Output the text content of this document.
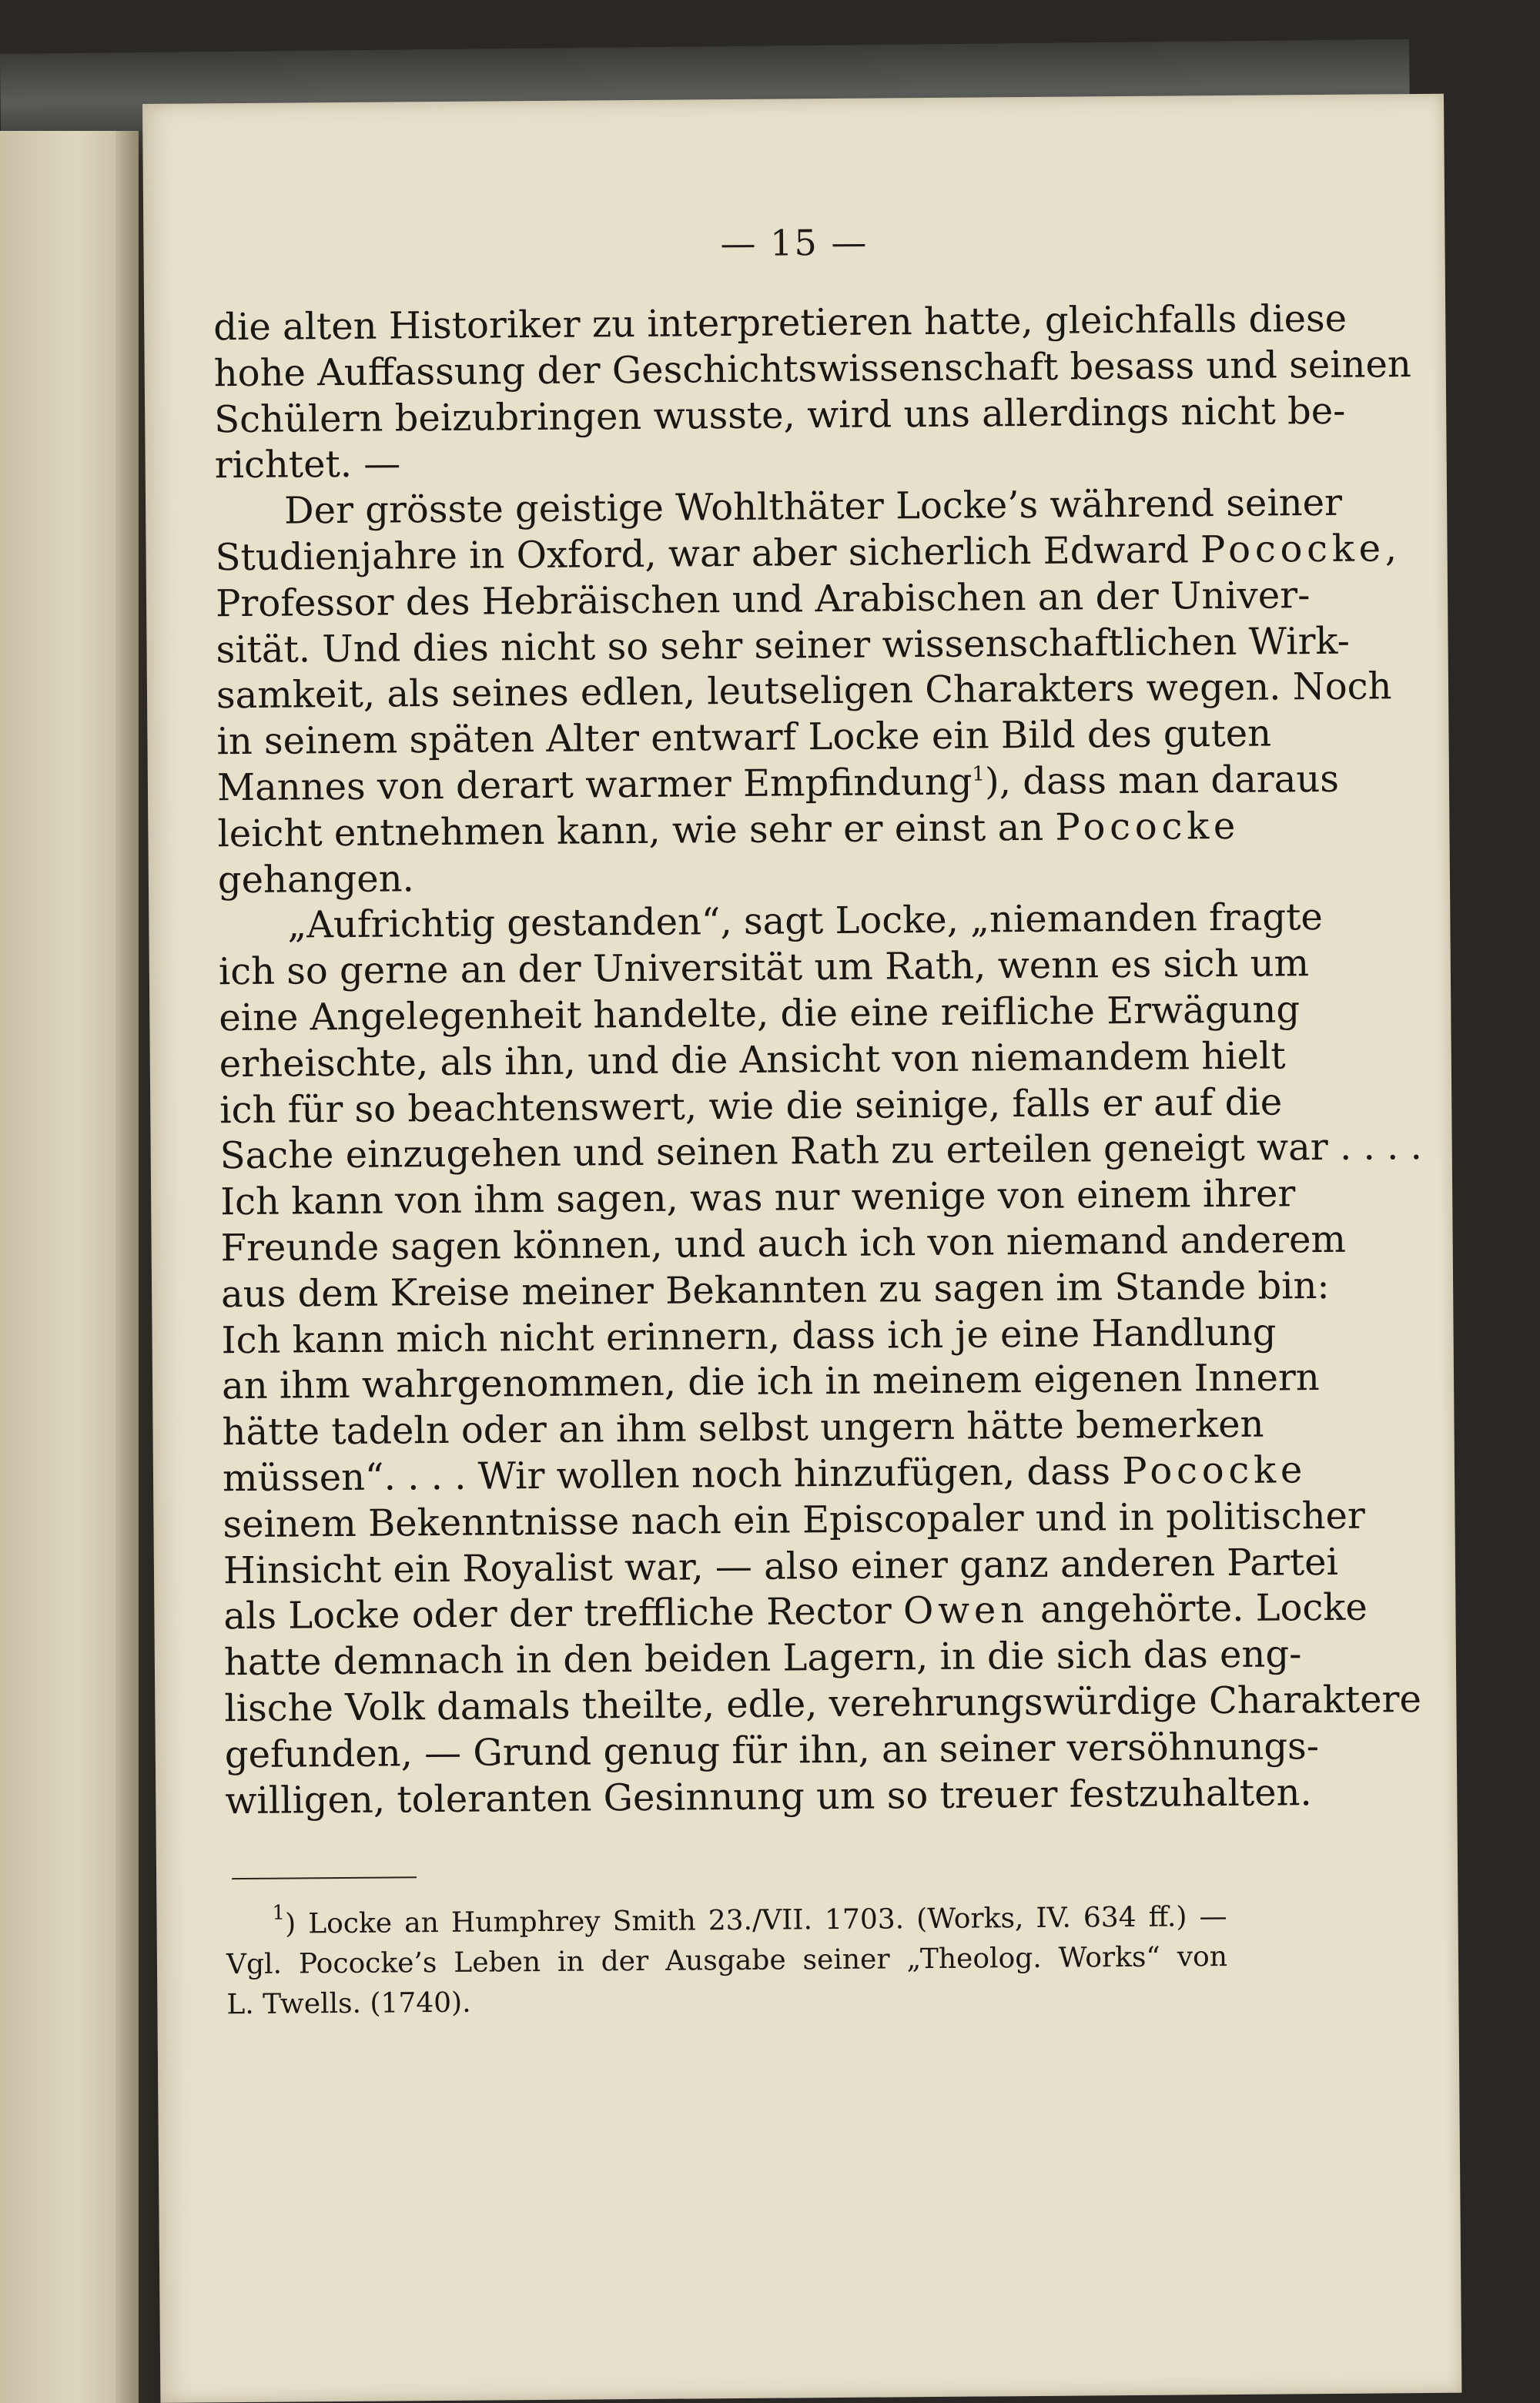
— 15 —
die alten Historiker zu interpretieren hatte, gleichfalls diese
hohe Auffassung der Geschichtswissenschaft besass und seinen
Schülern beizubringen wusste, wird uns allerdings nicht be-
richtet. —
Der grösste geistige Wohlthäter Locke’s während seiner
Studienjahre in Oxford, war aber sicherlich Edward Pococke,
Professor des Hebräischen und Arabischen an der Univer-
sität. Und dies nicht so sehr seiner wissenschaftlichen Wirk-
samkeit, als seines edlen, leutseligen Charakters wegen. Noch
in seinem späten Alter entwarf Locke ein Bild des guten
Mannes von derart warmer Empfindung$^1$), dass man daraus
leicht entnehmen kann, wie sehr er einst an Pococke
gehangen.
„Aufrichtig gestanden“, sagt Locke, „niemanden fragte
ich so gerne an der Universität um Rath, wenn es sich um
eine Angelegenheit handelte, die eine reifliche Erwägung
erheischte, als ihn, und die Ansicht von niemandem hielt
ich für so beachtenswert, wie die seinige, falls er auf die
Sache einzugehen und seinen Rath zu erteilen geneigt war . . . .
Ich kann von ihm sagen, was nur wenige von einem ihrer
Freunde sagen können, und auch ich von niemand anderem
aus dem Kreise meiner Bekannten zu sagen im Stande bin:
Ich kann mich nicht erinnern, dass ich je eine Handlung
an ihm wahrgenommen, die ich in meinem eigenen Innern
hätte tadeln oder an ihm selbst ungern hätte bemerken
müssen“. . . . Wir wollen noch hinzufügen, dass Pococke
seinem Bekenntnisse nach ein Episcopaler und in politischer
Hinsicht ein Royalist war, — also einer ganz anderen Partei
als Locke oder der treffliche Rector Owen angehörte. Locke
hatte demnach in den beiden Lagern, in die sich das eng-
lische Volk damals theilte, edle, verehrungswürdige Charaktere
gefunden, — Grund genug für ihn, an seiner versöhnungs-
willigen, toleranten Gesinnung um so treuer festzuhalten.
$^1$) Locke an Humphrey Smith 23./VII. 1703. (Works, IV. 634 ff.) —
Vgl. Pococke’s Leben in der Ausgabe seiner „Theolog. Works“ von
L. Twells. (1740).
